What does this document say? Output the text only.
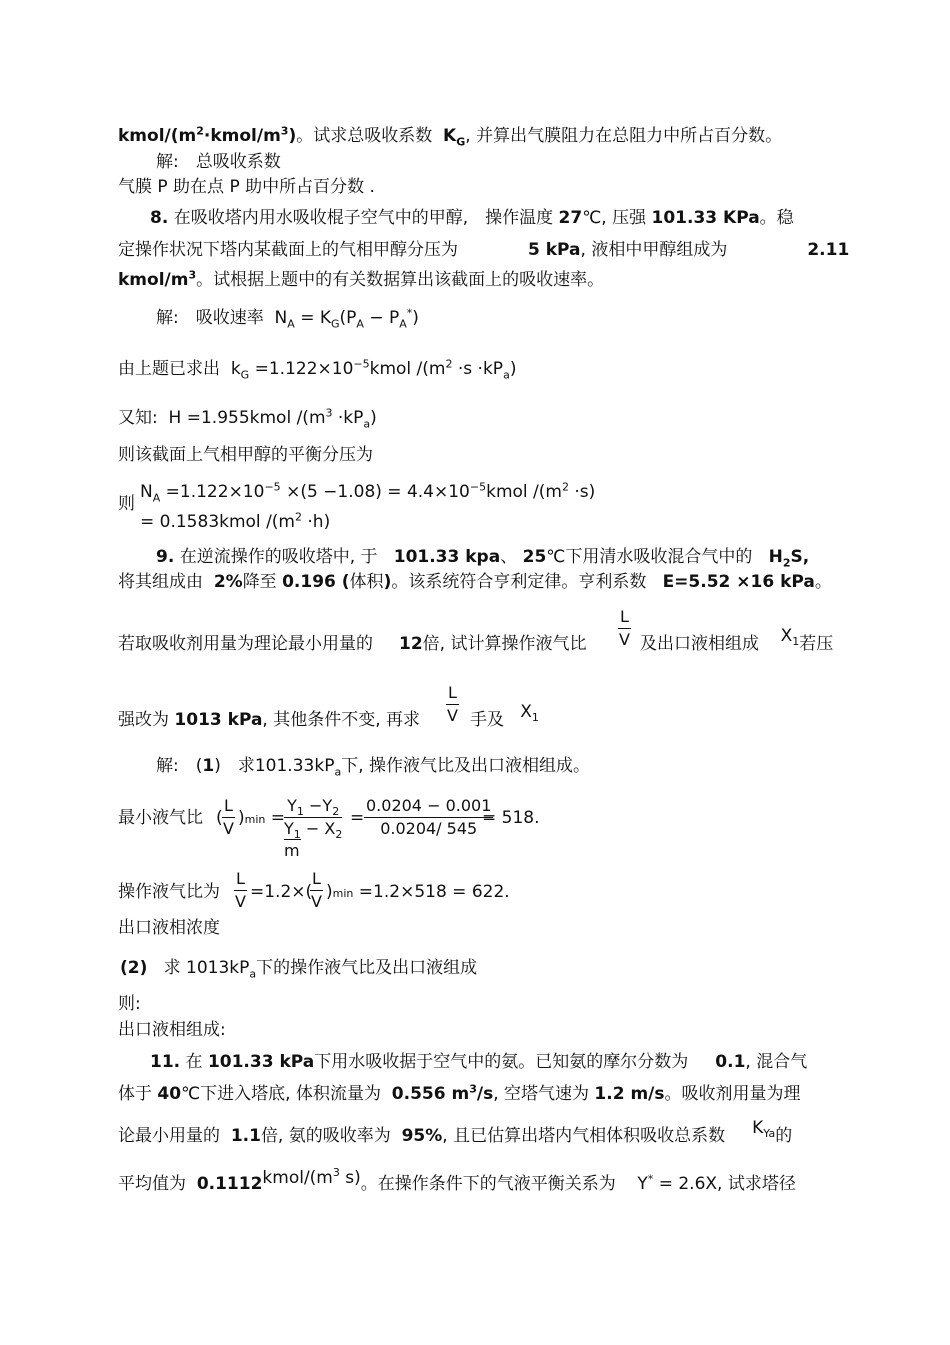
kmol/$(m^2\cdot kmol/m^3)$。试求总吸收系数 $K_G$, 并算出气膜阻力在总阻力中所占百分数。
解:　总吸收系数
气膜 P 助在点 P 助中所占百分数 .
8. 在吸收塔内用水吸收棍子空气中的甲醇,　操作温度 27℃, 压强 101.33 KPa。稳
定操作状况下塔内某截面上的气相甲醇分压为	5 kPa, 液相中甲醇组成为	2.11
kmol/$m^3$。试根据上题中的有关数据算出该截面上的吸收速率。
解:　吸收速率 $N_A = K_G(P_A - P_A^*)$
由上题已求出 $k_G$ $=1.122\times 10^{-5}kmol$ $/(m^2 \cdot s \cdot kP_a)$
又知: H =1.955kmol $/(m^3 \cdot kP_a)$
则该截面上气相甲醇的平衡分压为
则
$N_A =1.122\times 10^{-5} \times(5 -1.08)$ = $4.4\times 10^{-5}kmol$ $/(m^2 \cdot s)$
= 0.1583kmol $/(m^2 \cdot h)$
9. 在逆流操作的吸收塔中, 于 101.33 kpa、 25℃下用清水吸收混合气中的 $H_2S$,
将其组成由 2%降至 0.196 (体积)。该系统符合亨利定律。亨利系数 E=5.52 ×16 kPa。
若取吸收剂用量为理论最小用量的 12倍, 试计算操作液气比 $\frac{L}{V}$ 及出口液相组成 $X_1$若压
强改为 1013 kPa, 其他条件不变, 再求 $\frac{L}{V}$ 手及 $X_1$
解:　(1)　求$101.33kP_a$下, 操作液气比及出口液相组成。
最小液气比 ( $\frac{L}{V} )\min$ =
$Y_1 -Y_2$
$Y_1 - X_2$
m
= $\frac{0.0204 - 0.001}{0.0204/ 545}$
= 518.
操作液气比为 $\frac{L}{V} =1.2\times$(
$\frac{L}{V} )\min =1.2\times 518 = 622$.
出口液相浓度
(2) 求 $1013kP_a$下的操作液气比及出口液组成
则:
出口液相组成:
11. 在 101.33 kPa下用水吸收据于空气中的氨。已知氨的摩尔分数为 0.1, 混合气
体于 40℃下进入塔底, 体积流量为 0.556 $m^3/s$, 空塔气速为 1.2 m/s。吸收剂用量为理
论最小用量的 1.1倍, 氨的吸收率为 95%, 且已估算出塔内气相体积吸收总系数 $K_{Ya}$的
平均值为 $0.1112kmol/(m^3$ s)。在操作条件下的气液平衡关系为 Y* = 2.6X, 试求塔径
